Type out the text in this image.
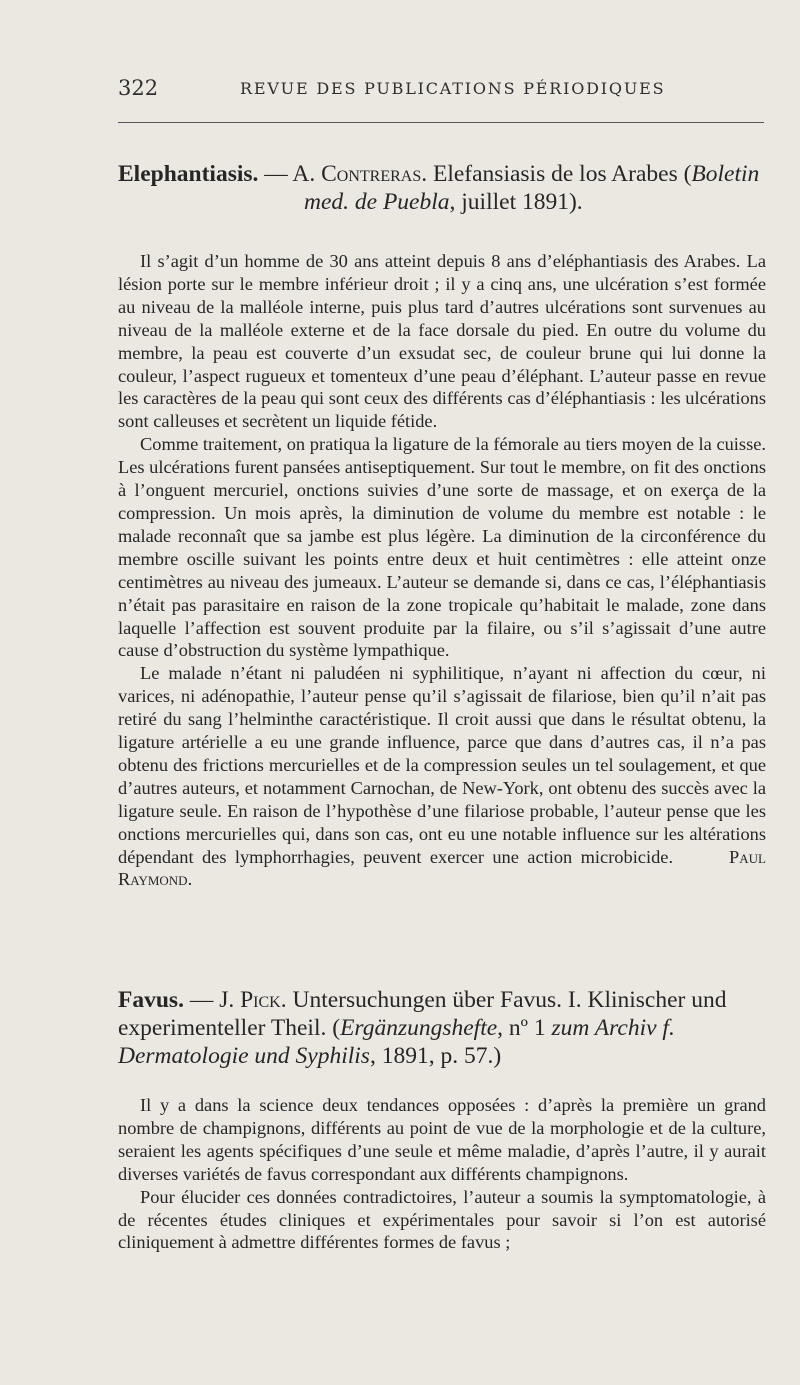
322	REVUE DES PUBLICATIONS PÉRIODIQUES

Elephantiasis. — A. Contreras. Elefansiasis de los Arabes (Boletin

med. de Puebla, juillet 1891).

Il s’agit d’un homme de 30 ans atteint depuis 8 ans d’eléphantiasis des Arabes. La lésion porte sur le membre inférieur droit ; il y a cinq ans, une ulcération s’est formée au niveau de la malléole interne, puis plus tard d’autres ulcérations sont survenues au niveau de la malléole externe et de la face dorsale du pied. En outre du volume du membre, la peau est couverte d’un exsudat sec, de couleur brune qui lui donne la couleur, l’aspect rugueux et tomenteux d’une peau d’éléphant. L’auteur passe en revue les caractères de la peau qui sont ceux des différents cas d’éléphantiasis : les ulcérations sont calleuses et secrètent un liquide fétide.

Comme traitement, on pratiqua la ligature de la fémorale au tiers moyen de la cuisse. Les ulcérations furent pansées antiseptiquement. Sur tout le membre, on fit des onctions à l’onguent mercuriel, onctions suivies d’une sorte de massage, et on exerça de la compression. Un mois après, la diminution de volume du membre est notable : le malade reconnaît que sa jambe est plus légère. La diminution de la circonférence du membre oscille suivant les points entre deux et huit centimètres : elle atteint onze centimètres au niveau des jumeaux. L’auteur se demande si, dans ce cas, l’éléphantiasis n’était pas parasitaire en raison de la zone tropicale qu’habitait le malade, zone dans laquelle l’affection est souvent produite par la filaire, ou s’il s’agissait d’une autre cause d’obstruction du système lympathique.

Le malade n’étant ni paludéen ni syphilitique, n’ayant ni affection du cœur, ni varices, ni adénopathie, l’auteur pense qu’il s’agissait de filariose, bien qu’il n’ait pas retiré du sang l’helminthe caractéristique. Il croit aussi que dans le résultat obtenu, la ligature artérielle a eu une grande influence, parce que dans d’autres cas, il n’a pas obtenu des frictions mercurielles et de la compression seules un tel soulagement, et que d’autres auteurs, et notamment Carnochan, de New-York, ont obtenu des succès avec la ligature seule. En raison de l’hypothèse d’une filariose probable, l’auteur pense que les onctions mercurielles qui, dans son cas, ont eu une notable influence sur les altérations dépendant des lymphorrhagies, peuvent exercer une action microbicide.	Paul Raymond.

Favus. — J. Pick. Untersuchungen über Favus. I. Klinischer und experimenteller Theil. (Ergänzungshefte, nº 1 zum Archiv f. Dermatologie und Syphilis, 1891, p. 57.)

Il y a dans la science deux tendances opposées : d’après la première un grand nombre de champignons, différents au point de vue de la morphologie et de la culture, seraient les agents spécifiques d’une seule et même maladie, d’après l’autre, il y aurait diverses variétés de favus correspondant aux différents champignons.

Pour élucider ces données contradictoires, l’auteur a soumis la symptomatologie, à de récentes études cliniques et expérimentales pour savoir si l’on est autorisé cliniquement à admettre différentes formes de favus ;
